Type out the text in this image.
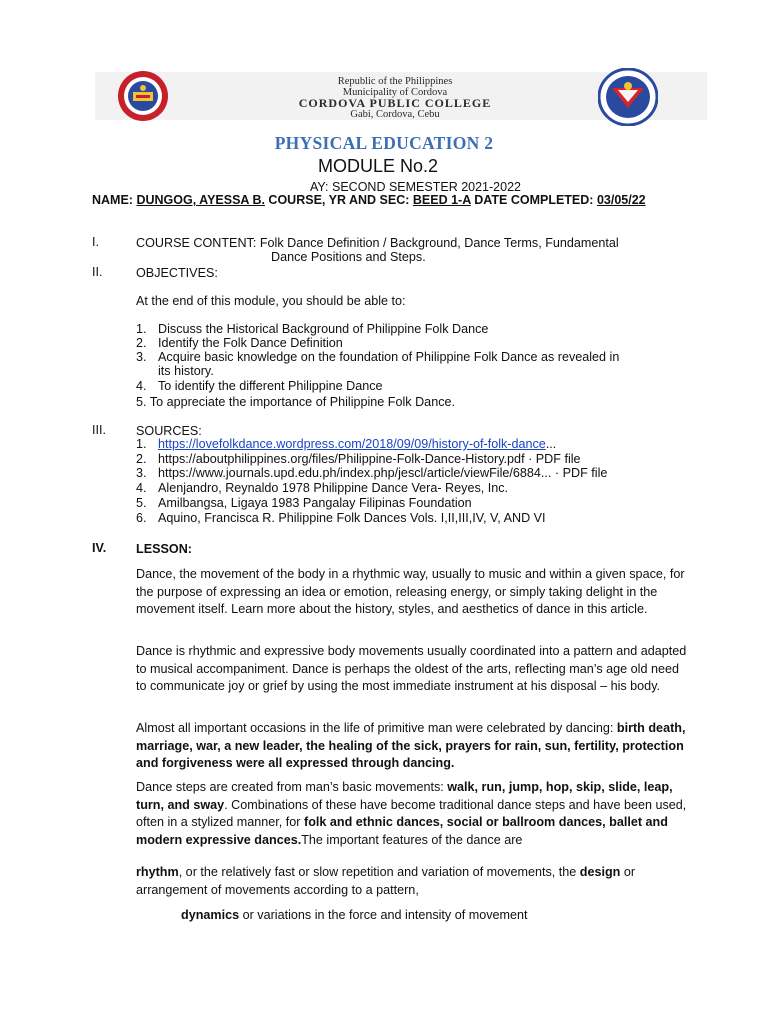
Republic of the Philippines
Municipality of Cordova
CORDOVA PUBLIC COLLEGE
Gabi, Cordova, Cebu
PHYSICAL EDUCATION 2
MODULE No.2
AY: SECOND SEMESTER 2021-2022
NAME: DUNGOG, AYESSA B. COURSE, YR AND SEC: BEED 1-A DATE COMPLETED: 03/05/22
I.	COURSE CONTENT: Folk Dance Definition / Background, Dance Terms, Fundamental
Dance Positions and Steps.
II.	OBJECTIVES:
At the end of this module, you should be able to:
1. Discuss the Historical Background of Philippine Folk Dance
2. Identify the Folk Dance Definition
3. Acquire basic knowledge on the foundation of Philippine Folk Dance as revealed in
its history.
4. To identify the different Philippine Dance
5. To appreciate the importance of Philippine Folk Dance.
III. SOURCES:
1. https://lovefolkdance.wordpress.com/2018/09/09/history-of-folk-dance...
2. https://aboutphilippines.org/files/Philippine-Folk-Dance-History.pdf · PDF file
3. https://www.journals.upd.edu.ph/index.php/jescl/article/viewFile/6884... · PDF file
4. Alenjandro, Reynaldo 1978 Philippine Dance Vera- Reyes, Inc.
5. Amilbangsa, Ligaya 1983 Pangalay Filipinas Foundation
6. Aquino, Francisca R. Philippine Folk Dances Vols. I,II,III,IV, V, AND VI
IV. LESSON:
Dance, the movement of the body in a rhythmic way, usually to music and within a given space, for the purpose of expressing an idea or emotion, releasing energy, or simply taking delight in the movement itself. Learn more about the history, styles, and aesthetics of dance in this article.
Dance is rhythmic and expressive body movements usually coordinated into a pattern and adapted to musical accompaniment. Dance is perhaps the oldest of the arts, reflecting man’s age old need to communicate joy or grief by using the most immediate instrument at his disposal – his body.
Almost all important occasions in the life of primitive man were celebrated by dancing: birth death, marriage, war, a new leader, the healing of the sick, prayers for rain, sun, fertility, protection and forgiveness were all expressed through dancing.
Dance steps are created from man’s basic movements: walk, run, jump, hop, skip, slide, leap, turn, and sway. Combinations of these have become traditional dance steps and have been used, often in a stylized manner, for folk and ethnic dances, social or ballroom dances, ballet and modern expressive dances.The important features of the dance are
rhythm, or the relatively fast or slow repetition and variation of movements, the design or arrangement of movements according to a pattern,
dynamics or variations in the force and intensity of movement
